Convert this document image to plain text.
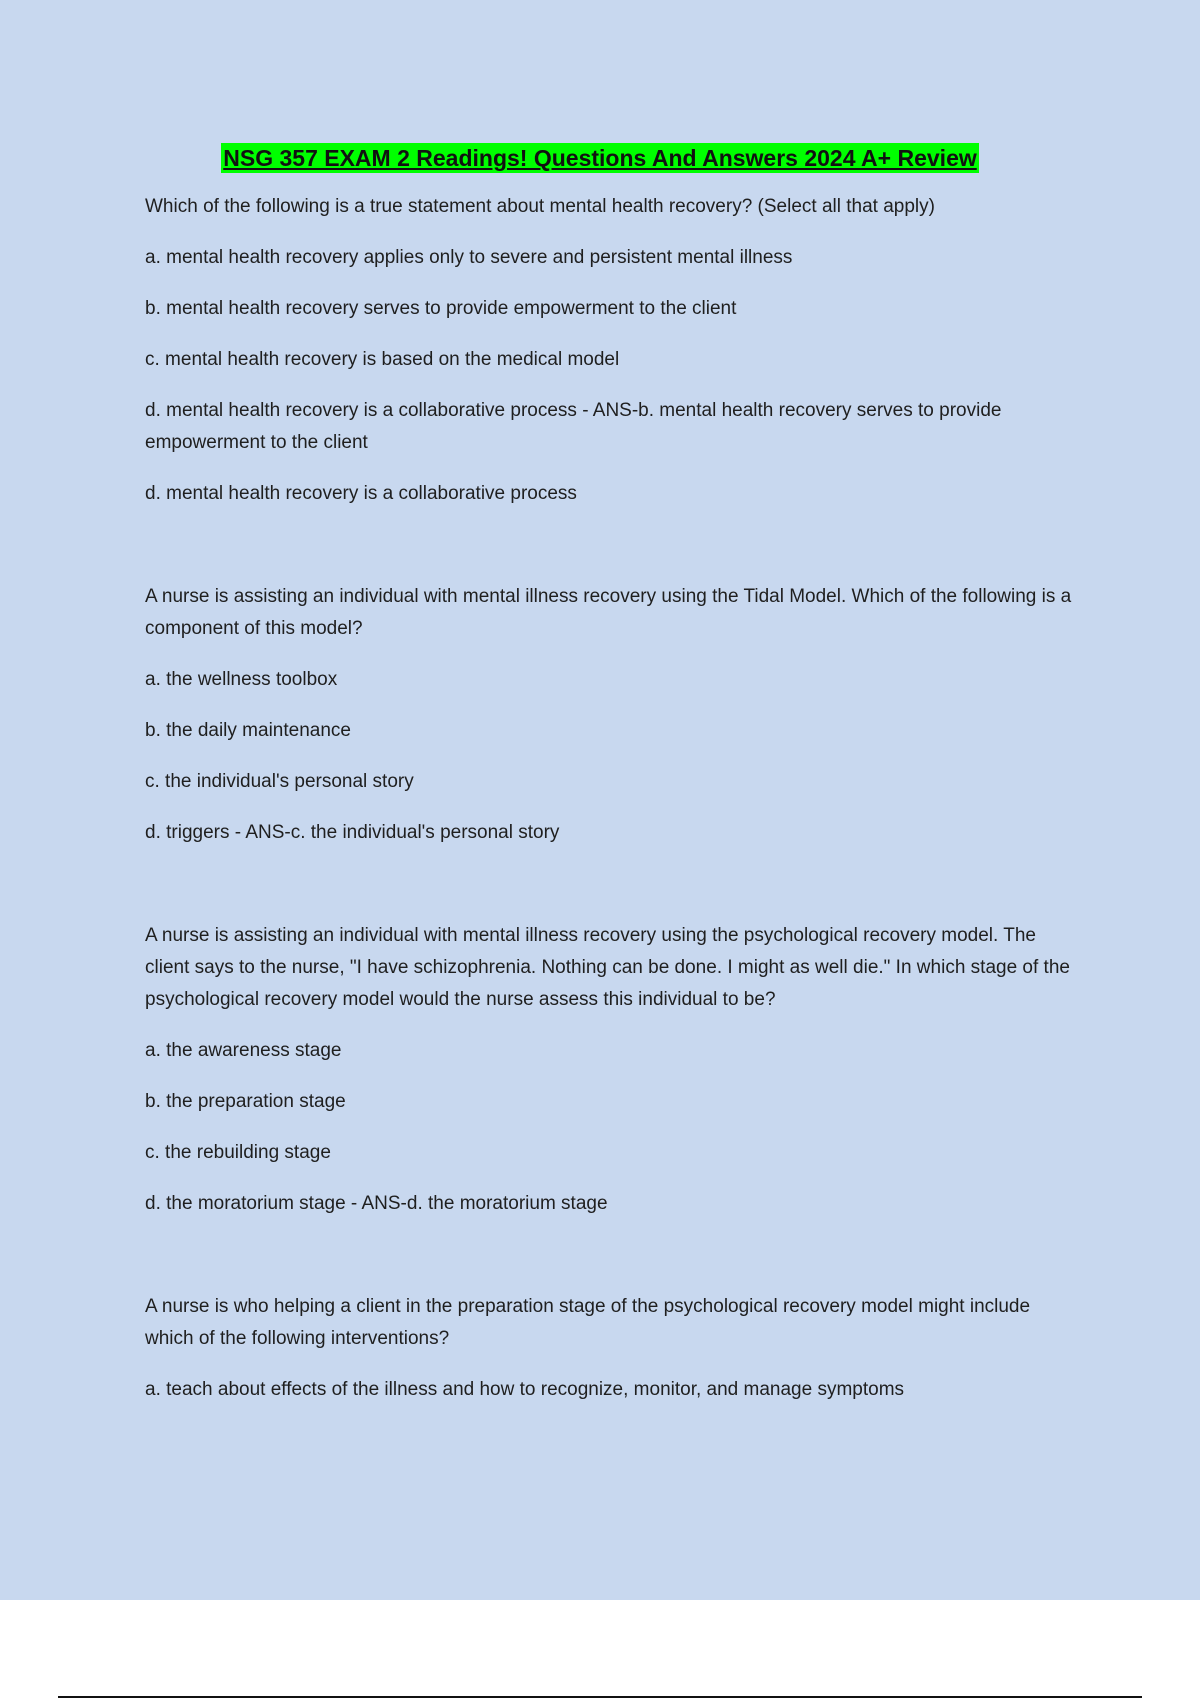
NSG 357 EXAM 2 Readings! Questions And Answers 2024 A+ Review
Which of the following is a true statement about mental health recovery? (Select all that apply)
a. mental health recovery applies only to severe and persistent mental illness
b. mental health recovery serves to provide empowerment to the client
c. mental health recovery is based on the medical model
d. mental health recovery is a collaborative process - ANS-b. mental health recovery serves to provide empowerment to the client
d. mental health recovery is a collaborative process
A nurse is assisting an individual with mental illness recovery using the Tidal Model. Which of the following is a component of this model?
a. the wellness toolbox
b. the daily maintenance
c. the individual's personal story
d. triggers - ANS-c. the individual's personal story
A nurse is assisting an individual with mental illness recovery using the psychological recovery model. The client says to the nurse, "I have schizophrenia. Nothing can be done. I might as well die." In which stage of the psychological recovery model would the nurse assess this individual to be?
a. the awareness stage
b. the preparation stage
c. the rebuilding stage
d. the moratorium stage - ANS-d. the moratorium stage
A nurse is who helping a client in the preparation stage of the psychological recovery model might include which of the following interventions?
a. teach about effects of the illness and how to recognize, monitor, and manage symptoms
